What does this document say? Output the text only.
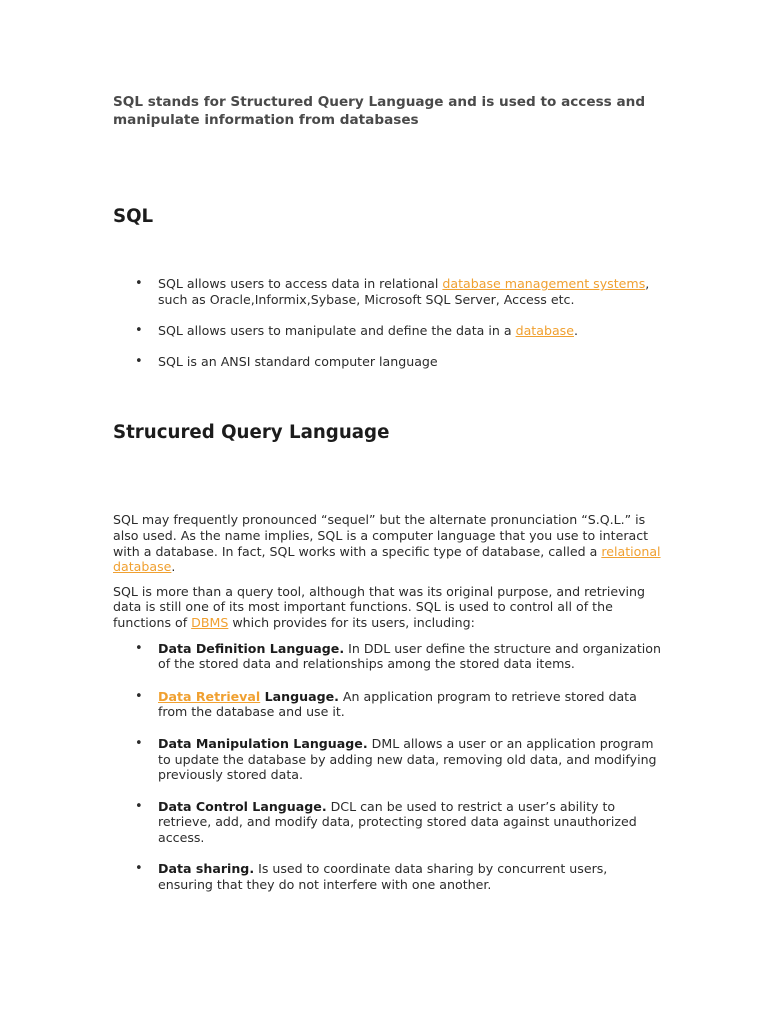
SQL stands for Structured Query Language and is used to access and manipulate information from databases

SQL
• SQL allows users to access data in relational database management systems, such as Oracle,Informix,Sybase, Microsoft SQL Server, Access etc.
• SQL allows users to manipulate and define the data in a database.
• SQL is an ANSI standard computer language
Strucured Query Language

SQL may frequently pronounced “sequel” but the alternate pronunciation “S.Q.L.” is also used. As the name implies, SQL is a computer language that you use to interact with a database. In fact, SQL works with a specific type of database, called a relational database.

SQL is more than a query tool, although that was its original purpose, and retrieving data is still one of its most important functions. SQL is used to control all of the functions of DBMS which provides for its users, including:

• Data Definition Language. In DDL user define the structure and organization of the stored data and relationships among the stored data items.
• Data Retrieval Language. An application program to retrieve stored data from the database and use it.
• Data Manipulation Language. DML allows a user or an application program to update the database by adding new data, removing old data, and modifying previously stored data.
• Data Control Language. DCL can be used to restrict a user’s ability to retrieve, add, and modify data, protecting stored data against unauthorized access.
• Data sharing. Is used to coordinate data sharing by concurrent users, ensuring that they do not interfere with one another.
